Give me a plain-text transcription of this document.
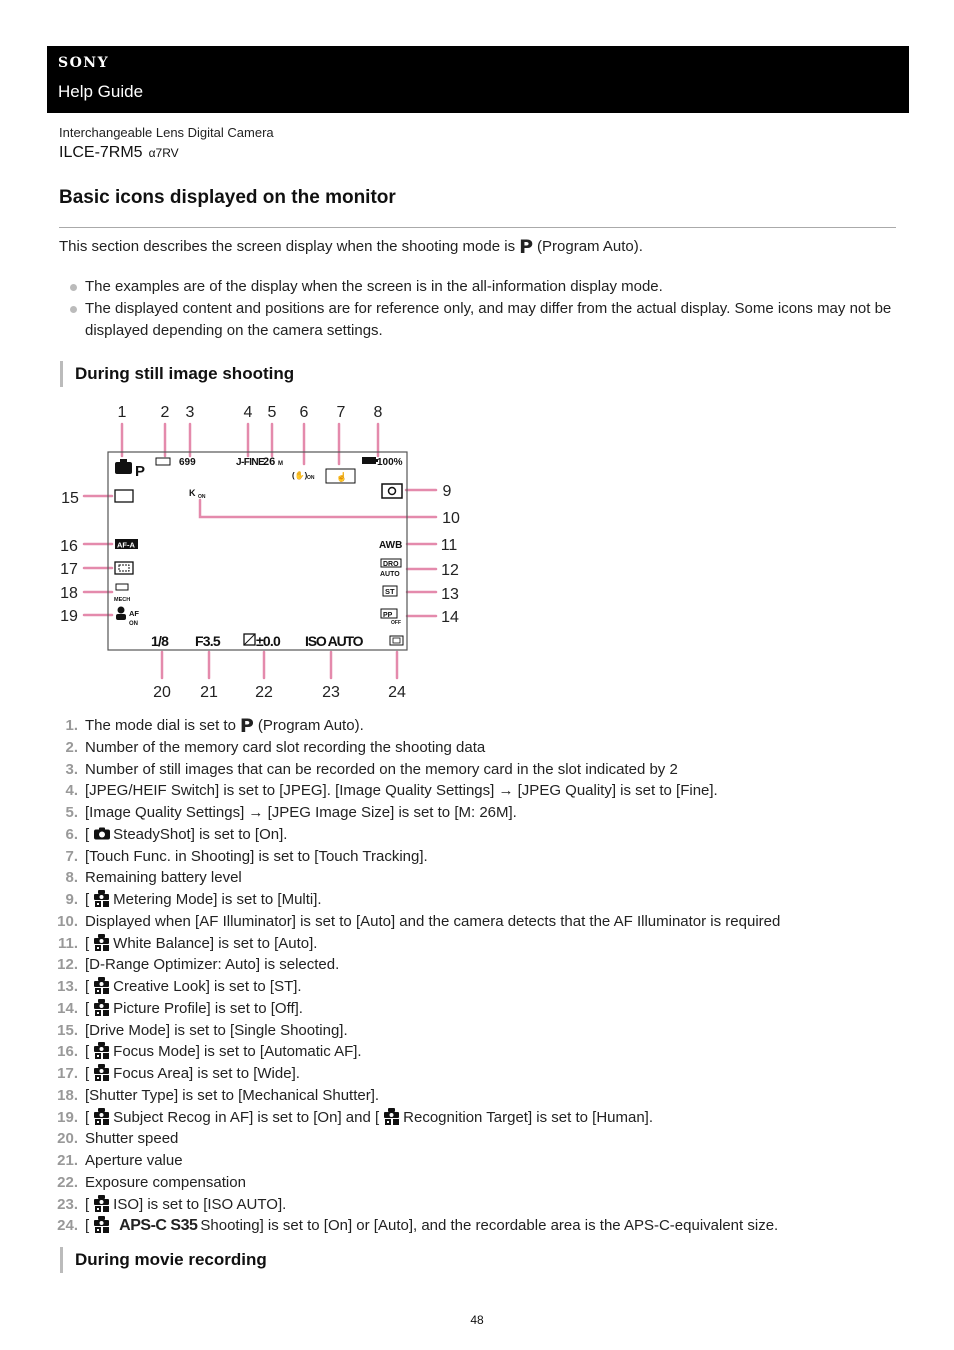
SONY
Help Guide
Interchangeable Lens Digital Camera
ILCE-7RM5 α7RV
Basic icons displayed on the monitor
This section describes the screen display when the shooting mode is P (Program Auto).
The examples are of the display when the screen is in the all-information display mode.
The displayed content and positions are for reference only, and may differ from the actual display. Some icons may not be displayed depending on the camera settings.
During still image shooting
1 2 3	4 5 6 7 8
9
10
11
12
13
14
15
16
17
18
19
20 21 22	23	24
P
699	J-FINE
26 M
(✋) ON ☝
100%
K ON
AF-A	AWB
DRO
AUTO
ST
MECH
PP
OFF
AF
ON
1/8 F3.5	±0.0 ISO AUTO
1. The mode dial is set to P (Program Auto).
2. Number of the memory card slot recording the shooting data
3. Number of still images that can be recorded on the memory card in the slot indicated by 2
4. [JPEG/HEIF Switch] is set to [JPEG]. [Image Quality Settings] → [JPEG Quality] is set to [Fine].
5. [Image Quality Settings] → [JPEG Image Size] is set to [M: 26M].
6. [ SteadyShot] is set to [On].
7. [Touch Func. in Shooting] is set to [Touch Tracking].
8. Remaining battery level
9. [ Metering Mode] is set to [Multi].
10. Displayed when [AF Illuminator] is set to [Auto] and the camera detects that the AF Illuminator is required
11. [ White Balance] is set to [Auto].
12. [D-Range Optimizer: Auto] is selected.
13. [ Creative Look] is set to [ST].
14. [ Picture Profile] is set to [Off].
15. [Drive Mode] is set to [Single Shooting].
16. [ Focus Mode] is set to [Automatic AF].
17. [ Focus Area] is set to [Wide].
18. [Shutter Type] is set to [Mechanical Shutter].
19. [ Subject Recog in AF] is set to [On] and [ Recognition Target] is set to [Human].
20. Shutter speed
21. Aperture value
22. Exposure compensation
23. [ ISO] is set to [ISO AUTO].
24. [ APS-C S35 Shooting] is set to [On] or [Auto], and the recordable area is the APS-C-equivalent size.
During movie recording
48
